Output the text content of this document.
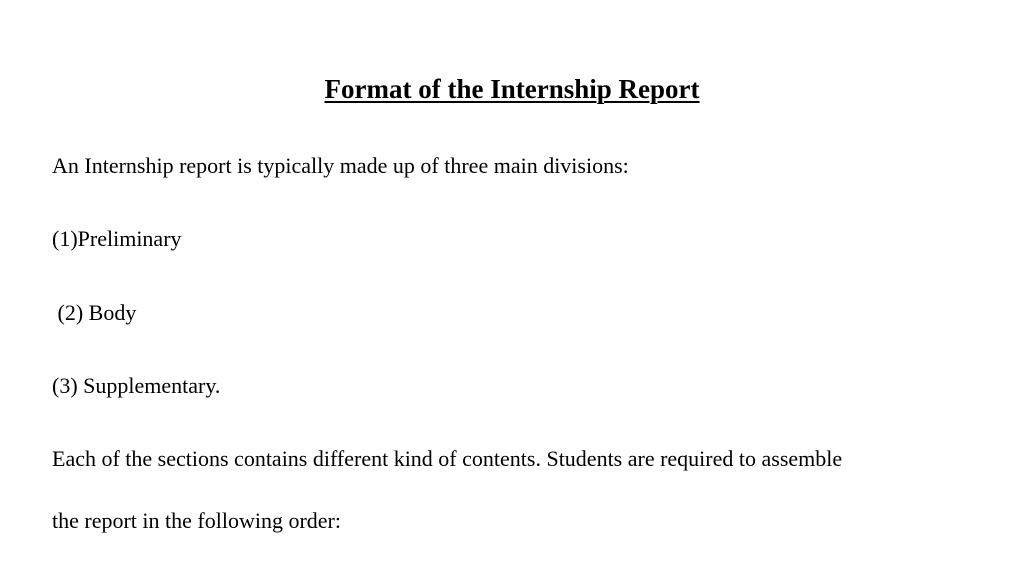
Format of the Internship Report
An Internship report is typically made up of three main divisions:
(1)Preliminary
(2) Body
(3) Supplementary.
Each of the sections contains different kind of contents. Students are required to assemble
the report in the following order:
